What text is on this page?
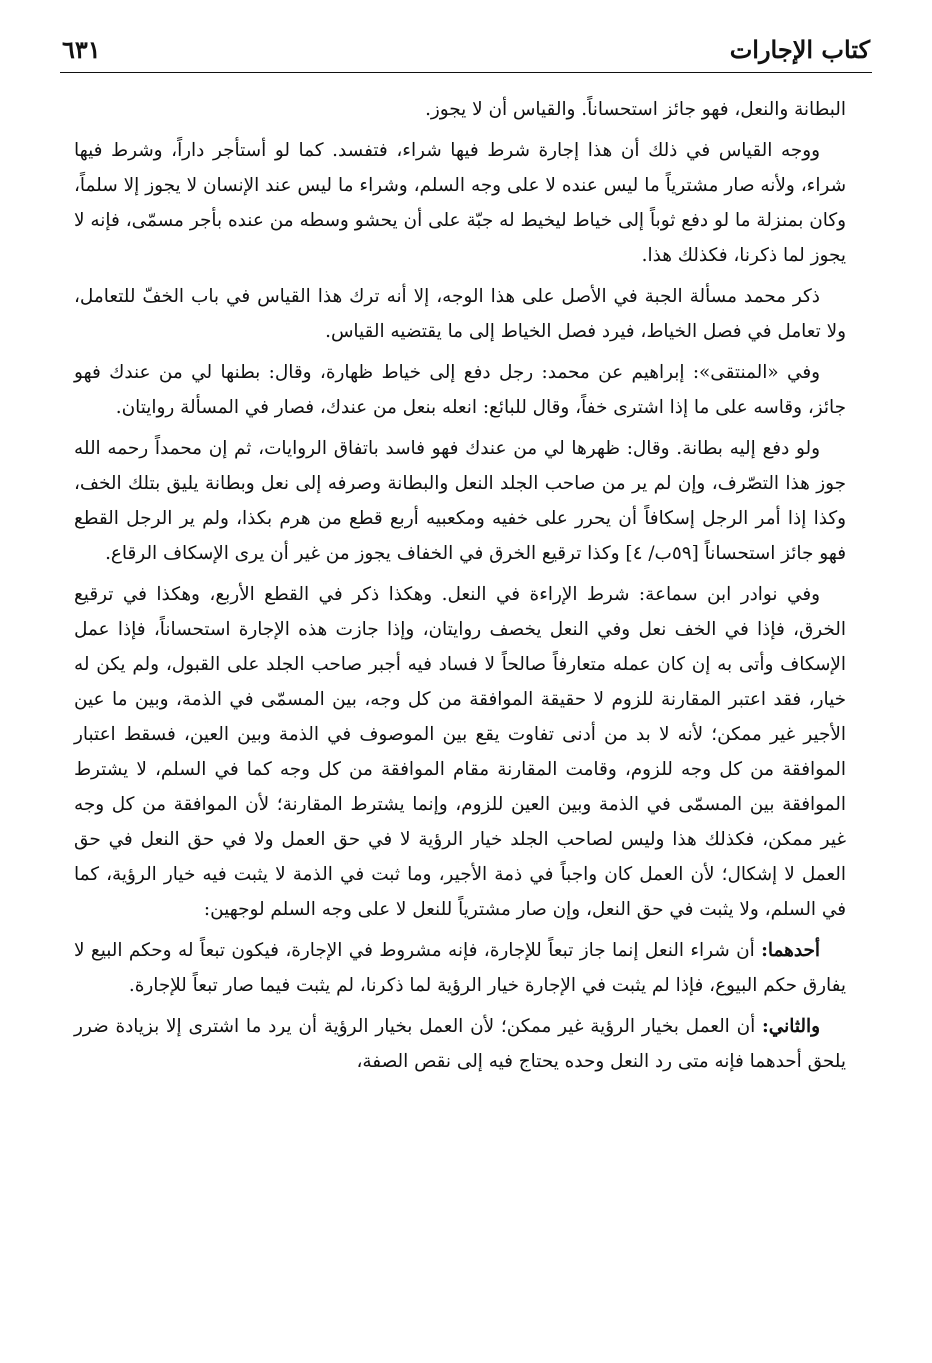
كتاب الإجارات
٦٣١

البطانة والنعل، فهو جائز استحساناً. والقياس أن لا يجوز.

ووجه القياس في ذلك أن هذا إجارة شرط فيها شراء، فتفسد. كما لو أستأجر داراً، وشرط فيها شراء، ولأنه صار مشترياً ما ليس عنده لا على وجه السلم، وشراء ما ليس عند الإنسان لا يجوز إلا سلماً، وكان بمنزلة ما لو دفع ثوباً إلى خياط ليخيط له جبّة على أن يحشو وسطه من عنده بأجر مسمّى، فإنه لا يجوز لما ذكرنا، فكذلك هذا.

ذكر محمد مسألة الجبة في الأصل على هذا الوجه، إلا أنه ترك هذا القياس في باب الخفّ للتعامل، ولا تعامل في فصل الخياط، فيرد فصل الخياط إلى ما يقتضيه القياس.

وفي «المنتقى»: إبراهيم عن محمد: رجل دفع إلى خياط ظهارة، وقال: بطنها لي من عندك فهو جائز، وقاسه على ما إذا اشترى خفاً، وقال للبائع: انعله بنعل من عندك، فصار في المسألة روايتان.

ولو دفع إليه بطانة. وقال: ظهرها لي من عندك فهو فاسد باتفاق الروايات، ثم إن محمداً رحمه الله جوز هذا التصّرف، وإن لم ير من صاحب الجلد النعل والبطانة وصرفه إلى نعل وبطانة يليق بتلك الخف، وكذا إذا أمر الرجل إسكافاً أن يحرر على خفيه ومكعبيه أربع قطع من هرم بكذا، ولم ير الرجل القطع فهو جائز استحساناً [٥٩ب/ ٤] وكذا ترقيع الخرق في الخفاف يجوز من غير أن يرى الإسكاف الرقاع.

وفي نوادر ابن سماعة: شرط الإراءة في النعل. وهكذا ذكر في القطع الأربع، وهكذا في ترقيع الخرق، فإذا في الخف نعل وفي النعل يخصف روايتان، وإذا جازت هذه الإجارة استحساناً، فإذا عمل الإسكاف وأتى به إن كان عمله متعارفاً صالحاً لا فساد فيه أجبر صاحب الجلد على القبول، ولم يكن له خيار، فقد اعتبر المقارنة للزوم لا حقيقة الموافقة من كل وجه، بين المسمّى في الذمة، وبين ما عين الأجير غير ممكن؛ لأنه لا بد من أدنى تفاوت يقع بين الموصوف في الذمة وبين العين، فسقط اعتبار الموافقة من كل وجه للزوم، وقامت المقارنة مقام الموافقة من كل وجه كما في السلم، لا يشترط الموافقة بين المسمّى في الذمة وبين العين للزوم، وإنما يشترط المقارنة؛ لأن الموافقة من كل وجه غير ممكن، فكذلك هذا وليس لصاحب الجلد خيار الرؤية لا في حق العمل ولا في حق النعل في حق العمل لا إشكال؛ لأن العمل كان واجباً في ذمة الأجير، وما ثبت في الذمة لا يثبت فيه خيار الرؤية، كما في السلم، ولا يثبت في حق النعل، وإن صار مشترياً للنعل لا على وجه السلم لوجهين:

أحدهما: أن شراء النعل إنما جاز تبعاً للإجارة، فإنه مشروط في الإجارة، فيكون تبعاً له وحكم البيع لا يفارق حكم البيوع، فإذا لم يثبت في الإجارة خيار الرؤية لما ذكرنا، لم يثبت فيما صار تبعاً للإجارة.

والثاني: أن العمل بخيار الرؤية غير ممكن؛ لأن العمل بخيار الرؤية أن يرد ما اشترى إلا بزيادة ضرر يلحق أحدهما فإنه متى رد النعل وحده يحتاج فيه إلى نقص الصفة،
